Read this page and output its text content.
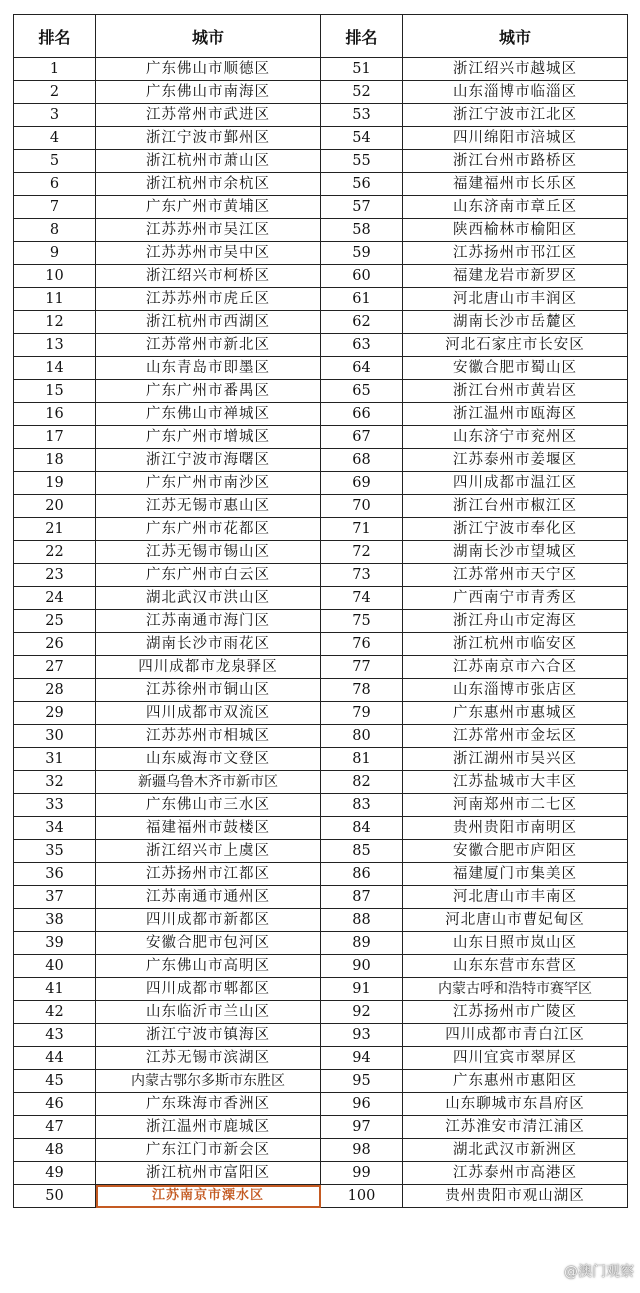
排名	城市	排名	城市
1	广东佛山市顺德区	51	浙江绍兴市越城区
2	广东佛山市南海区	52	山东淄博市临淄区
3	江苏常州市武进区	53	浙江宁波市江北区
4	浙江宁波市鄞州区	54	四川绵阳市涪城区
5	浙江杭州市萧山区	55	浙江台州市路桥区
6	浙江杭州市余杭区	56	福建福州市长乐区
7	广东广州市黄埔区	57	山东济南市章丘区
8	江苏苏州市吴江区	58	陕西榆林市榆阳区
9	江苏苏州市吴中区	59	江苏扬州市邗江区
10	浙江绍兴市柯桥区	60	福建龙岩市新罗区
11	江苏苏州市虎丘区	61	河北唐山市丰润区
12	浙江杭州市西湖区	62	湖南长沙市岳麓区
13	江苏常州市新北区	63	河北石家庄市长安区
14	山东青岛市即墨区	64	安徽合肥市蜀山区
15	广东广州市番禺区	65	浙江台州市黄岩区
16	广东佛山市禅城区	66	浙江温州市瓯海区
17	广东广州市增城区	67	山东济宁市兖州区
18	浙江宁波市海曙区	68	江苏泰州市姜堰区
19	广东广州市南沙区	69	四川成都市温江区
20	江苏无锡市惠山区	70	浙江台州市椒江区
21	广东广州市花都区	71	浙江宁波市奉化区
22	江苏无锡市锡山区	72	湖南长沙市望城区
23	广东广州市白云区	73	江苏常州市天宁区
24	湖北武汉市洪山区	74	广西南宁市青秀区
25	江苏南通市海门区	75	浙江舟山市定海区
26	湖南长沙市雨花区	76	浙江杭州市临安区
27	四川成都市龙泉驿区	77	江苏南京市六合区
28	江苏徐州市铜山区	78	山东淄博市张店区
29	四川成都市双流区	79	广东惠州市惠城区
30	江苏苏州市相城区	80	江苏常州市金坛区
31	山东威海市文登区	81	浙江湖州市吴兴区
32	新疆乌鲁木齐市新市区	82	江苏盐城市大丰区
33	广东佛山市三水区	83	河南郑州市二七区
34	福建福州市鼓楼区	84	贵州贵阳市南明区
35	浙江绍兴市上虞区	85	安徽合肥市庐阳区
36	江苏扬州市江都区	86	福建厦门市集美区
37	江苏南通市通州区	87	河北唐山市丰南区
38	四川成都市新都区	88	河北唐山市曹妃甸区
39	安徽合肥市包河区	89	山东日照市岚山区
40	广东佛山市高明区	90	山东东营市东营区
41	四川成都市郫都区	91	内蒙古呼和浩特市赛罕区
42	山东临沂市兰山区	92	江苏扬州市广陵区
43	浙江宁波市镇海区	93	四川成都市青白江区
44	江苏无锡市滨湖区	94	四川宜宾市翠屏区
45	内蒙古鄂尔多斯市东胜区	95	广东惠州市惠阳区
46	广东珠海市香洲区	96	山东聊城市东昌府区
47	浙江温州市鹿城区	97	江苏淮安市清江浦区
48	广东江门市新会区	98	湖北武汉市新洲区
49	浙江杭州市富阳区	99	江苏泰州市高港区
50	江苏南京市溧水区	100	贵州贵阳市观山湖区
@澳门观察
